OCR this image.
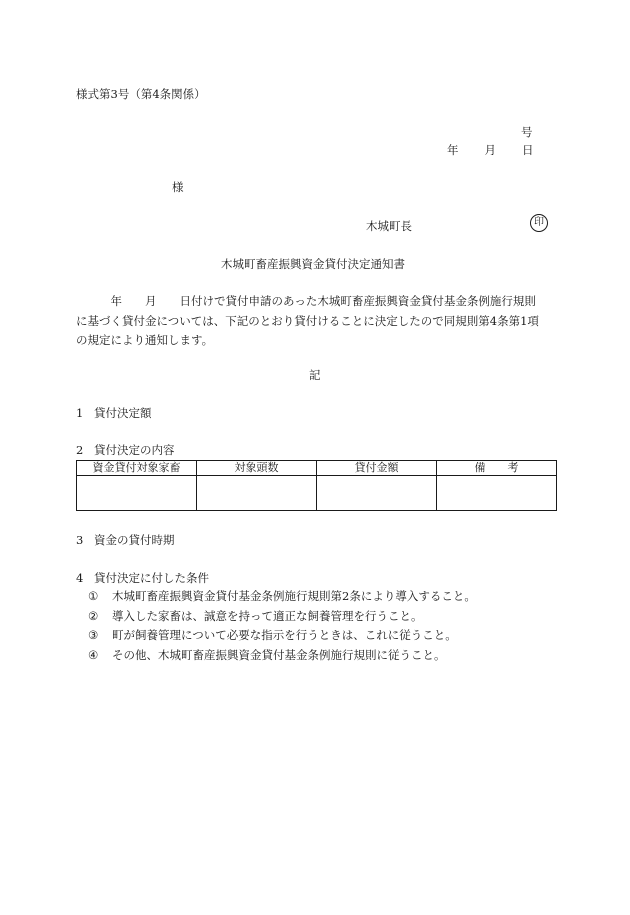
様式第3号（第4条関係）
号
年 月 日
様
木城町長	印
木城町畜産振興資金貸付決定通知書
　　　年　　月　　日付けで貸付申請のあった木城町畜産振興資金貸付基金条例施行規則
に基づく貸付金については、下記のとおり貸付けることに決定したので同規則第4条第1項
の規定により通知します。
記
1 貸付決定額
2 貸付決定の内容
資金貸付対象家畜	対象頭数	貸付金額	備　　考

3 資金の貸付時期
4 貸付決定に付した条件
① 木城町畜産振興資金貸付基金条例施行規則第2条により導入すること。
② 導入した家畜は、誠意を持って適正な飼養管理を行うこと。
③ 町が飼養管理について必要な指示を行うときは、これに従うこと。
④ その他、木城町畜産振興資金貸付基金条例施行規則に従うこと。
